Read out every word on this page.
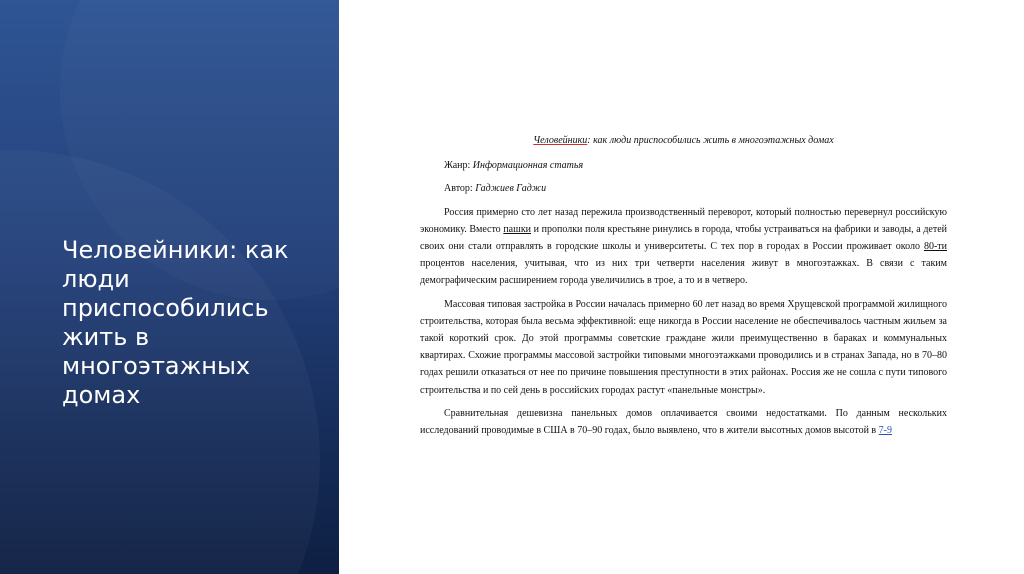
Человейники: как люди приспособились жить в многоэтажных домах

Человейники: как люди приспособились жить в многоэтажных домах

Жанр: Информационная статья

Автор: Гаджиев Гаджи

Россия примерно сто лет назад пережила производственный переворот, который полностью перевернул российскую экономику. Вместо пашки и прополки поля крестьяне ринулись в города, чтобы устраиваться на фабрики и заводы, а детей своих они стали отправлять в городские школы и университеты. С тех пор в городах в России проживает около 80-ти процентов населения, учитывая, что из них три четверти населения живут в многоэтажках. В связи с таким демографическим расширением города увеличились в трое, а то и в четверо.

Массовая типовая застройка в России началась примерно 60 лет назад во время Хрущевской программой жилищного строительства, которая была весьма эффективной: еще никогда в России население не обеспечивалось частным жильем за такой короткий срок. До этой программы советские граждане жили преимущественно в бараках и коммунальных квартирах. Схожие программы массовой застройки типовыми многоэтажками проводились и в странах Запада, но в 70–80 годах решили отказаться от нее по причине повышения преступности в этих районах. Россия же не сошла с пути типового строительства и по сей день в российских городах растут «панельные монстры».

Сравнительная дешевизна панельных домов оплачивается своими недостатками. По данным нескольких исследований проводимые в США в 70–90 годах, было выявлено, что в жители высотных домов высотой в 7-9
